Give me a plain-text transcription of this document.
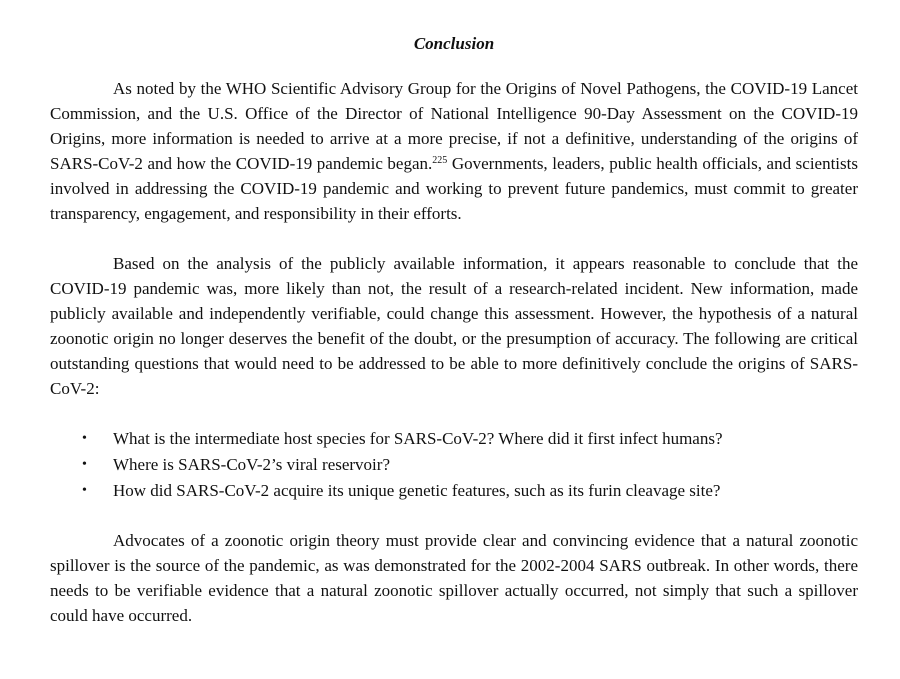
Conclusion

As noted by the WHO Scientific Advisory Group for the Origins of Novel Pathogens, the COVID-19 Lancet Commission, and the U.S. Office of the Director of National Intelligence 90-Day Assessment on the COVID-19 Origins, more information is needed to arrive at a more precise, if not a definitive, understanding of the origins of SARS-CoV-2 and how the COVID-19 pandemic began.$^{225}$ Governments, leaders, public health officials, and scientists involved in addressing the COVID-19 pandemic and working to prevent future pandemics, must commit to greater transparency, engagement, and responsibility in their efforts.

Based on the analysis of the publicly available information, it appears reasonable to conclude that the COVID-19 pandemic was, more likely than not, the result of a research-related incident. New information, made publicly available and independently verifiable, could change this assessment. However, the hypothesis of a natural zoonotic origin no longer deserves the benefit of the doubt, or the presumption of accuracy. The following are critical outstanding questions that would need to be addressed to be able to more definitively conclude the origins of SARS-CoV-2:

• What is the intermediate host species for SARS-CoV-2? Where did it first infect humans?
• Where is SARS-CoV-2’s viral reservoir?
• How did SARS-CoV-2 acquire its unique genetic features, such as its furin cleavage site?

Advocates of a zoonotic origin theory must provide clear and convincing evidence that a natural zoonotic spillover is the source of the pandemic, as was demonstrated for the 2002-2004 SARS outbreak. In other words, there needs to be verifiable evidence that a natural zoonotic spillover actually occurred, not simply that such a spillover could have occurred.
